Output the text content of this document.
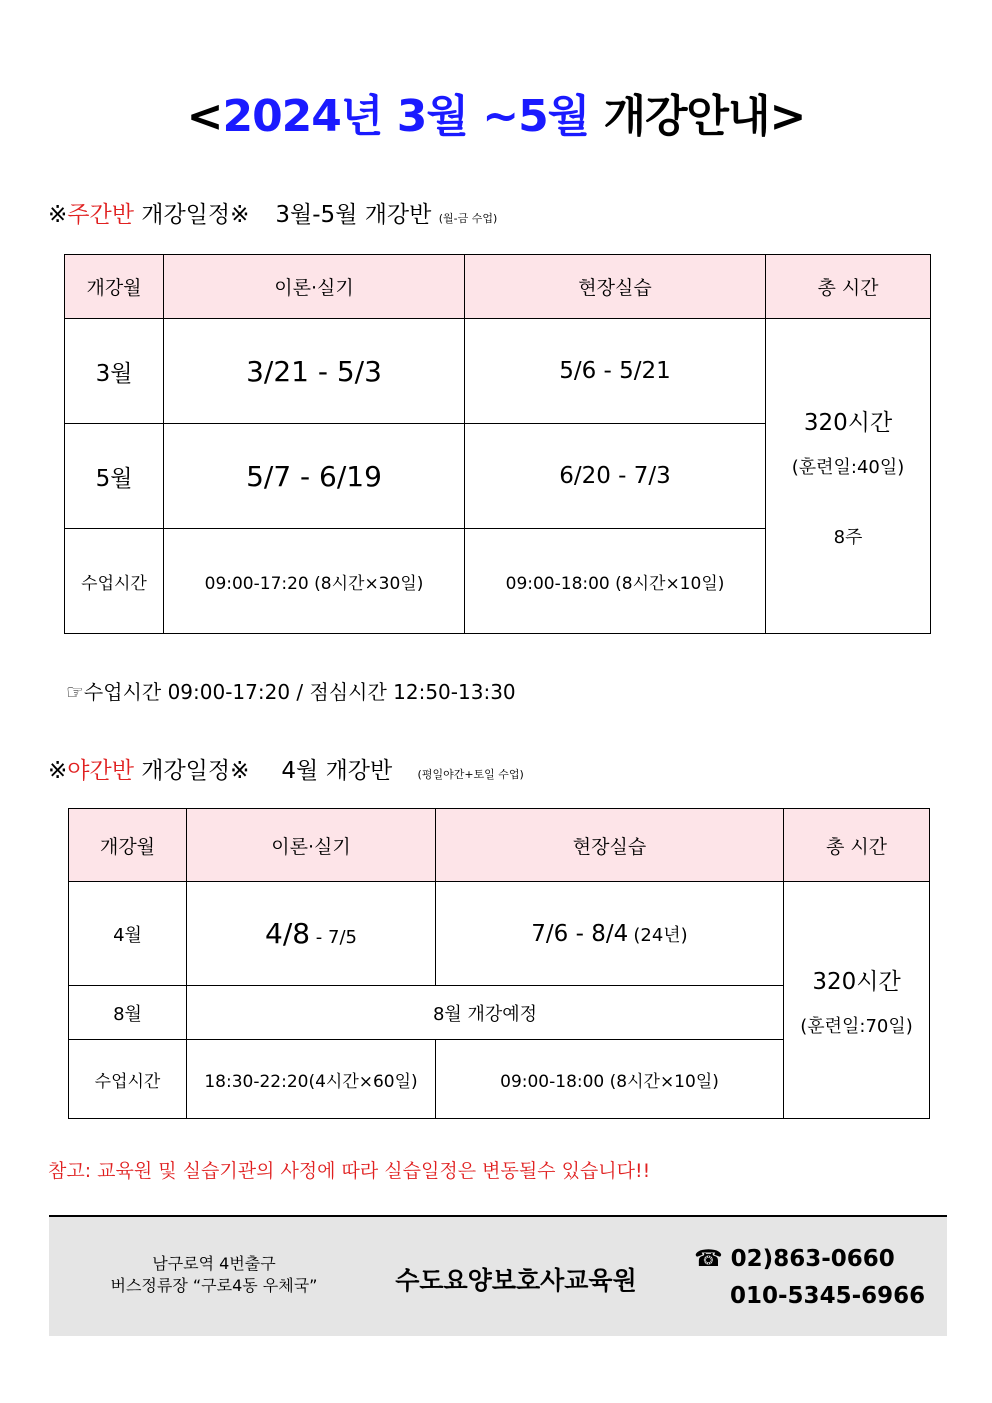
<2024년 3월 ~5월 개강안내>
※주간반 개강일정※ 3월-5월 개강반 (월-금 수업)
개강월	이론·실기	현장실습	총 시간
3월	3/21 - 5/3	5/6 - 5/21	320시간
(훈련일:40일)
8주

5월	5/7 - 6/19	6/20 - 7/3	
수업시간	09:00-17:20 (8시간×30일)	09:00-18:00 (8시간×10일)	
☞수업시간 09:00-17:20 / 점심시간 12:50-13:30
※야간반 개강일정※ 4월 개강반 (평일야간+토일 수업)
개강월	이론·실기	현장실습	총 시간
4월	4/8 - 7/5	7/6 - 8/4 (24년)	320시간
(훈련일:70일)

8월	8월 개강예정		
수업시간	18:30-22:20(4시간×60일)	09:00-18:00 (8시간×10일)	
참고: 교육원 및 실습기관의 사정에 따라 실습일정은 변동될수 있습니다!!
남구로역 4번출구
버스정류장 “구로4동 우체국”	수도요양보호사교육원
☎ 02)863-0660
010-5345-6966
